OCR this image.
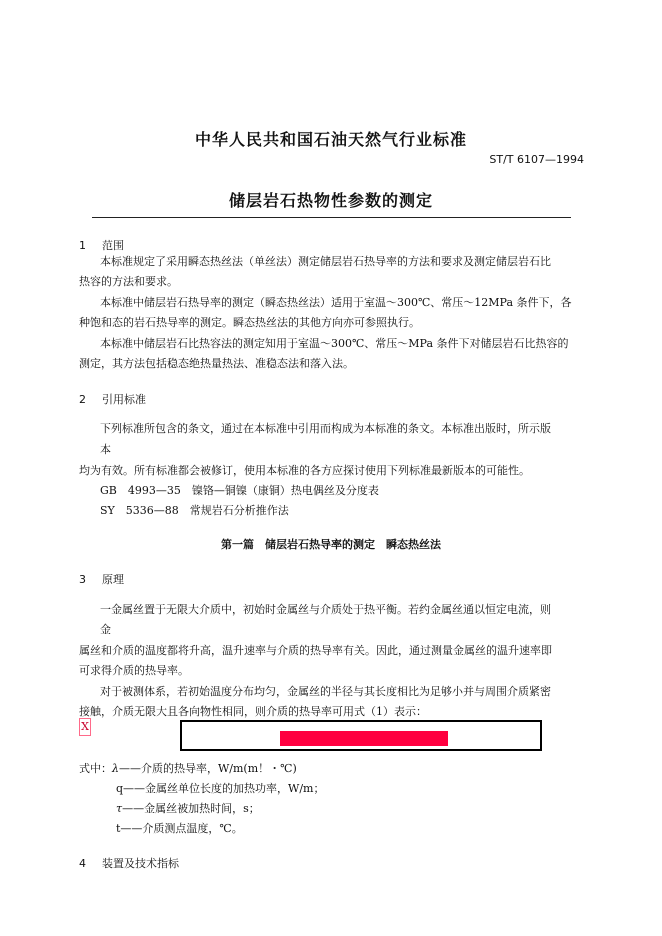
中华人民共和国石油天然气行业标准
ST/T 6107—1994
储层岩石热物性参数的测定
1 范围
本标准规定了采用瞬态热丝法（单丝法）测定储层岩石热导率的方法和要求及测定储层岩石比
热容的方法和要求。
本标准中储层岩石热导率的测定（瞬态热丝法）适用于室温～300℃、常压～12MPa 条件下，各
种饱和态的岩石热导率的测定。瞬态热丝法的其他方向亦可参照执行。
本标准中储层岩石比热容法的测定知用于室温～300℃、常压～MPa 条件下对储层岩石比热容的
测定，其方法包括稳态绝热量热法、准稳态法和落入法。
2 引用标准
下列标准所包含的条文，通过在本标准中引用而构成为本标准的条文。本标准出版时，所示版
本
均为有效。所有标准都会被修订，使用本标准的各方应探讨使用下列标准最新版本的可能性。
GB　4993—35　镍铬—铜镍（康铜）热电偶丝及分度表
SY　5336—88　常规岩石分析推作法
第一篇　储层岩石热导率的测定　瞬态热丝法
3 原理
一金属丝置于无限大介质中，初始时金属丝与介质处于热平衡。若约金属丝通以恒定电流，则
金
属丝和介质的温度都将升高，温升速率与介质的热导率有关。因此，通过测量金属丝的温升速率即
可求得介质的热导率。
对于被测体系，若初始温度分布均匀，金属丝的半径与其长度相比为足够小并与周围介质紧密
接触，介质无限大且各向物性相同，则介质的热导率可用式（1）表示：
X
式中：λ——介质的热导率，W/m(m！・℃)
q——金属丝单位长度的加热功率，W/m；
τ——金属丝被加热时间，s；
t——介质测点温度，℃。
4 装置及技术指标
